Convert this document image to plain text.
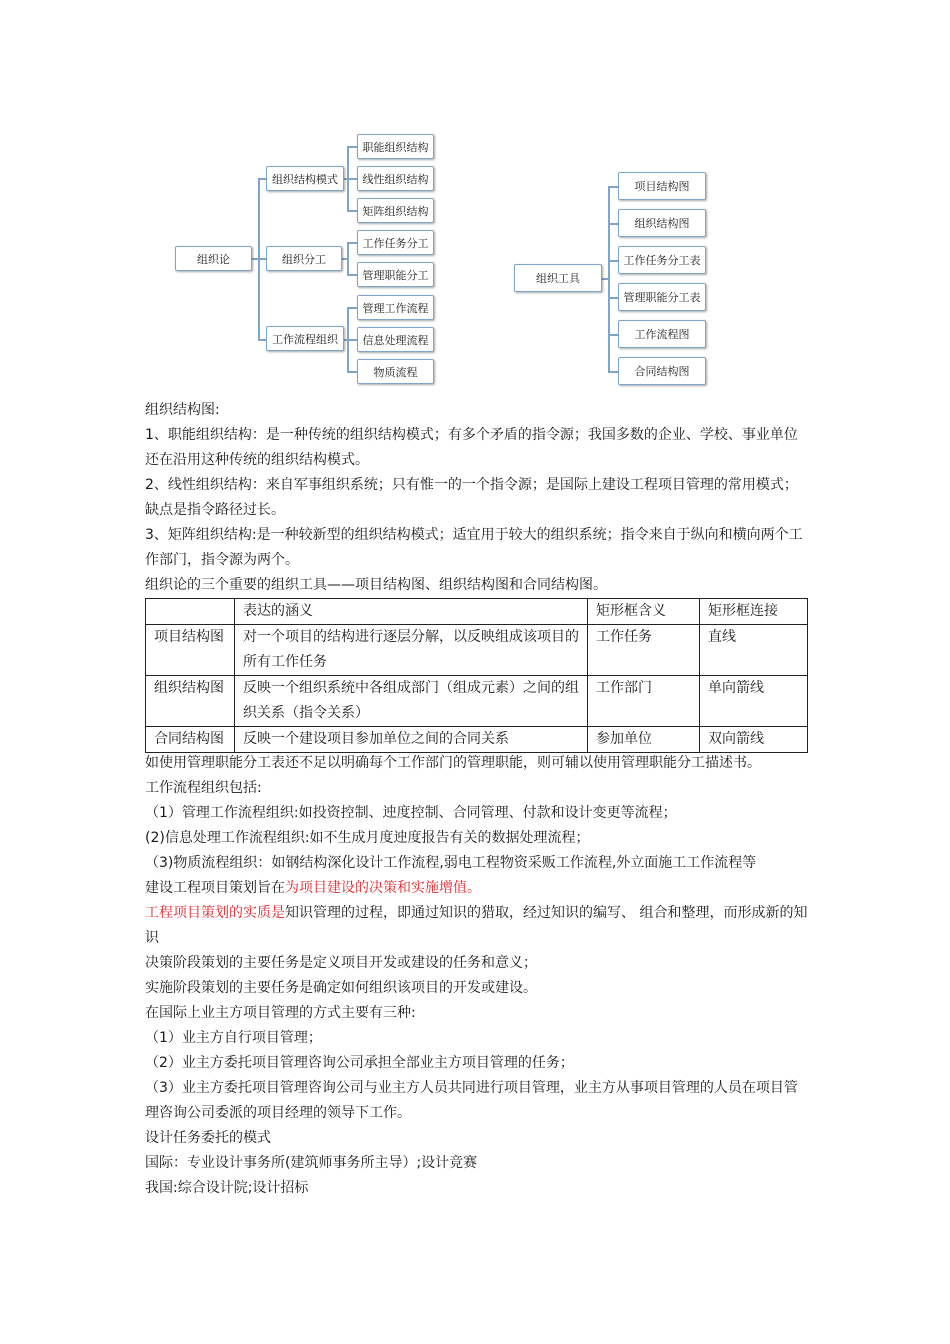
组织论
组织结构模式
组织分工
工作流程组织
职能组织结构
线性组织结构
矩阵组织结构
工作任务分工
管理职能分工
管理工作流程
信息处理流程
物质流程
组织工具
项目结构图
组织结构图
工作任务分工表
管理职能分工表
工作流程图
合同结构图

组织结构图:

1、职能组织结构：是一种传统的组织结构模式；有多个矛盾的指令源；我国多数的企业、学校、事业单位还在沿用这种传统的组织结构模式。

2、线性组织结构：来自军事组织系统；只有惟一的一个指令源；是国际上建设工程项目管理的常用模式；缺点是指令路径过长。

3、矩阵组织结构:是一种较新型的组织结构模式；适宜用于较大的组织系统；指令来自于纵向和横向两个工作部门，指令源为两个。

组织论的三个重要的组织工具——项目结构图、组织结构图和合同结构图。

	表达的涵义	矩形框含义	矩形框连接
项目结构图	对一个项目的结构进行逐层分解，以反映组成该项目的所有工作任务	工作任务	直线
组织结构图	反映一个组织系统中各组成部门（组成元素）之间的组织关系（指令关系）	工作部门	单向箭线
合同结构图	反映一个建设项目参加单位之间的合同关系	参加单位	双向箭线

如使用管理职能分工表还不足以明确每个工作部门的管理职能，则可辅以使用管理职能分工描述书。

工作流程组织包括:

（1）管理工作流程组织:如投资控制、迚度控制、合同管理、付款和设计变更等流程；

(2)信息处理工作流程组织:如不生成月度迚度报告有关的数据处理流程；

（3)物质流程组织：如钢结构深化设计工作流程,弱电工程物资采贩工作流程,外立面施工工作流程等

建设工程项目策划旨在为项目建设的决策和实施增值。

工程项目策划的实质是知识管理的过程，即通过知识的猎取，经过知识的编写、 组合和整理，而形成新的知识

决策阶段策划的主要任务是定义项目开发或建设的任务和意义；

实施阶段策划的主要任务是确定如何组织该项目的开发或建设。

在国际上业主方项目管理的方式主要有三种:

（1）业主方自行项目管理；

（2）业主方委托项目管理咨询公司承担全部业主方项目管理的任务；

（3）业主方委托项目管理咨询公司与业主方人员共同进行项目管理，业主方从事项目管理的人员在项目管理咨询公司委派的项目经理的领导下工作。

设计任务委托的模式

国际：专业设计事务所(建筑师事务所主导）;设计竞赛

我国:综合设计院;设计招标
